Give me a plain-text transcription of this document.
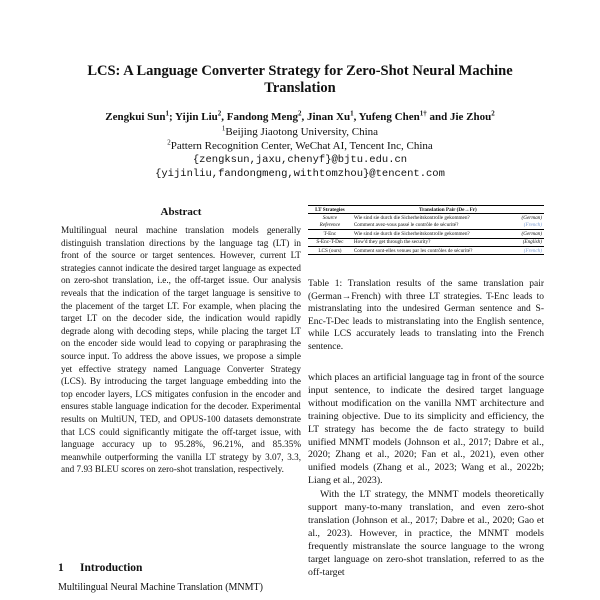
LCS: A Language Converter Strategy for Zero-Shot Neural Machine
Translation
Zengkui Sun$^1$; Yijin Liu$^2$, Fandong Meng$^2$, Jinan Xu$^1$, Yufeng Chen$^{1\dagger}$ and Jie Zhou$^2$
$^1$Beijing Jiaotong University, China
$^2$Pattern Recognition Center, WeChat AI, Tencent Inc, China
{zengksun,jaxu,chenyf}@bjtu.edu.cn
{yijinliu,fandongmeng,withtomzhou}@tencent.com
Abstract
Multilingual neural machine translation models generally distinguish translation directions by the language tag (LT) in front of the source or target sentences. However, current LT strategies cannot indicate the desired target language as expected on zero-shot translation, i.e., the off-target issue. Our analysis reveals that the indication of the target language is sensitive to the placement of the target LT. For example, when placing the target LT on the decoder side, the indication would rapidly degrade along with decoding steps, while placing the target LT on the encoder side would lead to copying or paraphrasing the source input. To address the above issues, we propose a simple yet effective strategy named Language Converter Strategy (LCS). By introducing the target language embedding into the top encoder layers, LCS mitigates confusion in the encoder and ensures stable language indication for the decoder. Experimental results on MultiUN, TED, and OPUS-100 datasets demonstrate that LCS could significantly mitigate the off-target issue, with language accuracy up to 95.28%, 96.21%, and 85.35% meanwhile outperforming the vanilla LT strategy by 3.07, 3.3, and 7.93 BLEU scores on zero-shot translation, respectively.
1 Introduction
Multilingual Neural Machine Translation (MNMT)
LT Strategies	Translation Pair (De→Fr)	
Source	Wie sind sie durch die Sicherheitskontrolle gekommen?	(German)
Reference	Comment avez-vous passé le contrôle de sécurité?	(French)
T-Enc	Wie sind sie durch die Sicherheitskontrolle gekommen?	(German)
S-Enc-T-Dec	How'd they get through the security?	(English)
LCS (ours)	Comment sont-elles venues par les contrôles de sécurité?	(French)
Table 1: Translation results of the same translation pair (German→French) with three LT strategies. T-Enc leads to mistranslating into the undesired German sentence and S-Enc-T-Dec leads to mistranslating into the English sentence, while LCS accurately leads to translating into the French sentence.

which places an artificial language tag in front of the source input sentence, to indicate the desired target language without modification on the vanilla NMT architecture and training objective. Due to its simplicity and efficiency, the LT strategy has become the de facto strategy to build unified MNMT models (Johnson et al., 2017; Dabre et al., 2020; Zhang et al., 2020; Fan et al., 2021), even other unified models (Zhang et al., 2023; Wang et al., 2022b; Liang et al., 2023).

With the LT strategy, the MNMT models theoretically support many-to-many translation, and even zero-shot translation (Johnson et al., 2017; Dabre et al., 2020; Gao et al., 2023). However, in practice, the MNMT models frequently mistranslate the source language to the wrong target language on zero-shot translation, referred to as the off-target
